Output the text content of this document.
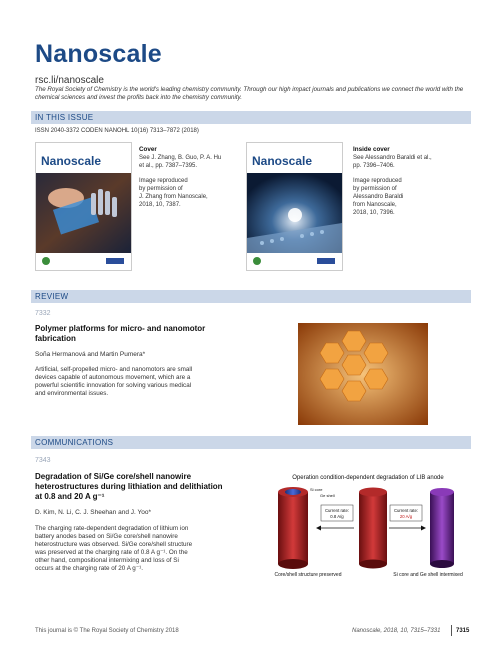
Nanoscale
rsc.li/nanoscale
The Royal Society of Chemistry is the world's leading chemistry community. Through our high impact journals and publications we connect the world with the chemical sciences and invest the profits back into the chemistry community.
IN THIS ISSUE
ISSN 2040-3372 CODEN NANOHL 10(16) 7313–7872 (2018)
Nanoscale
Cover
See J. Zhang, B. Guo, P. A. Hu
et al., pp. 7387–7395.
Image reproduced
by permission of
J. Zhang from Nanoscale,
2018, 10, 7387.
Nanoscale
Inside cover
See Alessandro Baraldi et al.,
pp. 7396–7406.
Image reproduced
by permission of
Alessandro Baraldi
from Nanoscale,
2018, 10, 7396.
REVIEW
7332
Polymer platforms for micro- and nanomotor
fabrication
Soña Hermanová and Martin Pumera*
Artificial, self-propelled micro- and nanomotors are small
devices capable of autonomous movement, which are a
powerful scientific innovation for solving various medical
and environmental issues.
COMMUNICATIONS
7343
Degradation of Si/Ge core/shell nanowire
heterostructures during lithiation and delithiation
at 0.8 and 20 A g⁻¹
D. Kim, N. Li, C. J. Sheehan and J. Yoo*
The charging rate-dependent degradation of lithium ion
battery anodes based on Si/Ge core/shell nanowire
heterostructure was observed. Si/Ge core/shell structure
was preserved at the charging rate of 0.8 A g⁻¹. On the
other hand, compositional intermixing and loss of Si
occurs at the charging rate of 20 A g⁻¹.
Operation condition-dependent degradation of LIB anode
Si core
Ge shell
Current rate:
0.8 A/g
Current rate:
20 A/g
Core/shell structure preserved	Si core and Ge shell intermixed
This journal is © The Royal Society of Chemistry 2018	Nanoscale, 2018, 10, 7315–7331	7315
